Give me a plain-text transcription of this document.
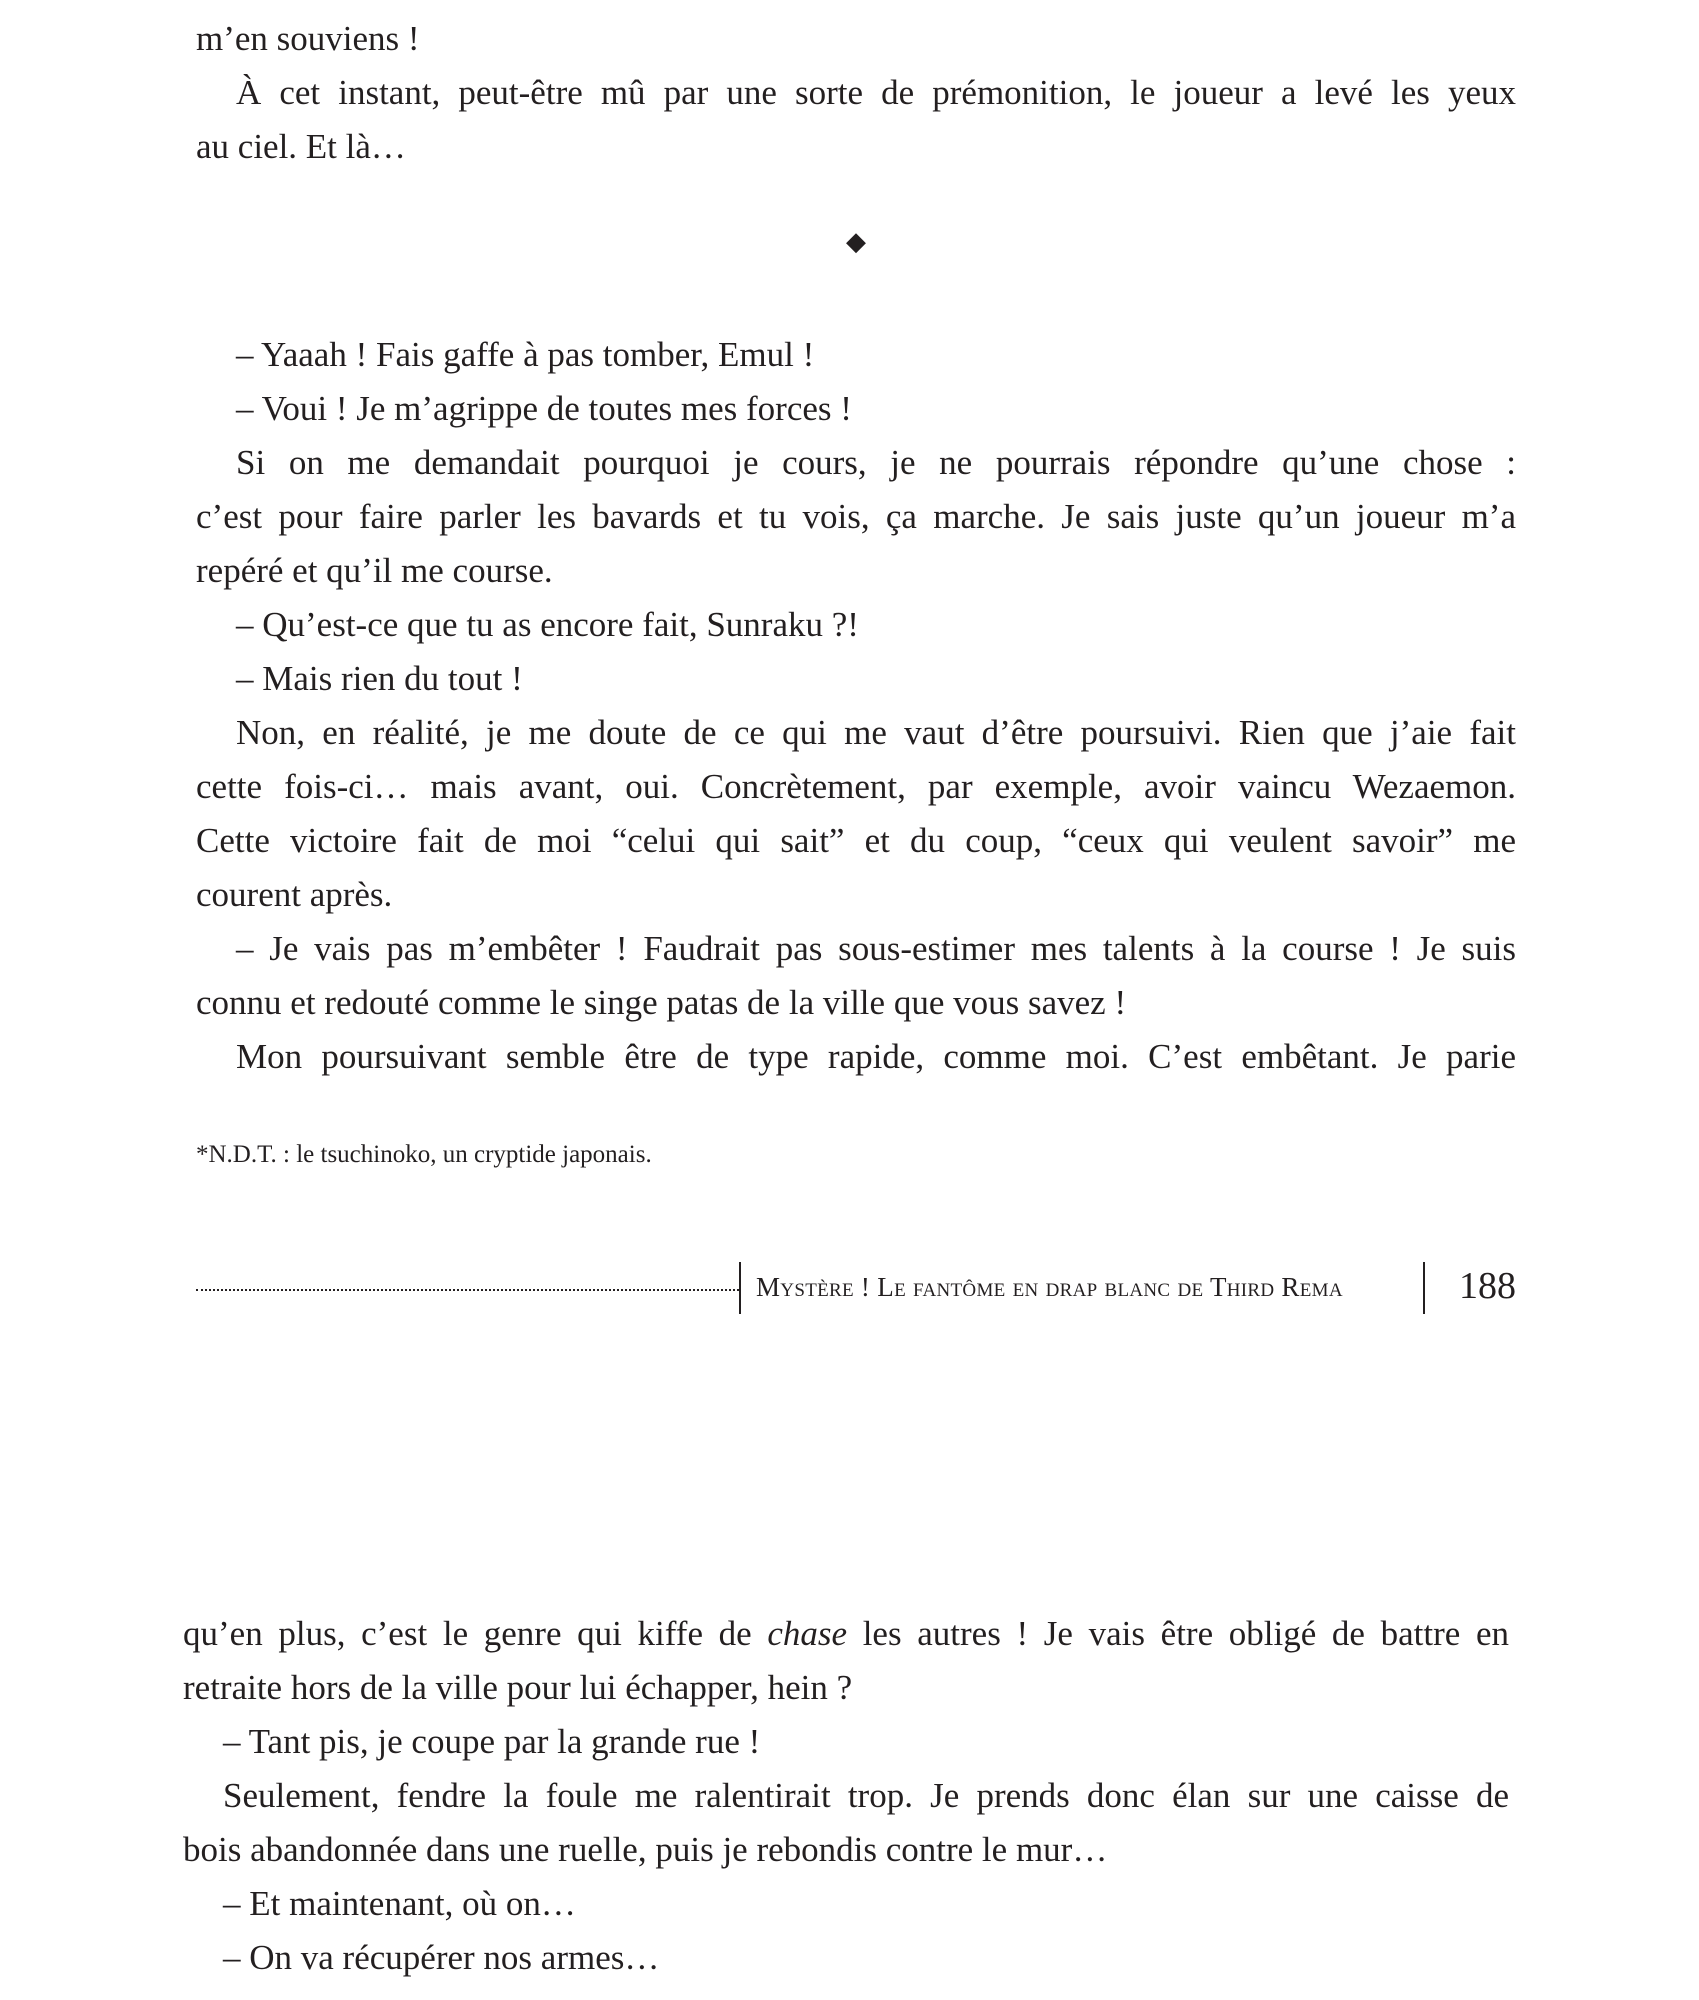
m’en souviens !
À cet instant, peut-être mû par une sorte de prémonition, le joueur a levé les yeux
au ciel. Et là…
◆
– Yaaah ! Fais gaffe à pas tomber, Emul !
– Voui ! Je m’agrippe de toutes mes forces !
Si on me demandait pourquoi je cours, je ne pourrais répondre qu’une chose :
c’est pour faire parler les bavards et tu vois, ça marche. Je sais juste qu’un joueur m’a
repéré et qu’il me course.
– Qu’est-ce que tu as encore fait, Sunraku ?!
– Mais rien du tout !
Non, en réalité, je me doute de ce qui me vaut d’être poursuivi. Rien que j’aie fait
cette fois-ci… mais avant, oui. Concrètement, par exemple, avoir vaincu Wezaemon.
Cette victoire fait de moi “celui qui sait” et du coup, “ceux qui veulent savoir” me
courent après.
– Je vais pas m’embêter ! Faudrait pas sous-estimer mes talents à la course ! Je suis
connu et redouté comme le singe patas de la ville que vous savez !
Mon poursuivant semble être de type rapide, comme moi. C’est embêtant. Je parie
*N.D.T. : le tsuchinoko, un cryptide japonais.
Mystère ! Le fantôme en drap blanc de Third Rema	188
qu’en plus, c’est le genre qui kiffe de chase les autres ! Je vais être obligé de battre en
retraite hors de la ville pour lui échapper, hein ?
– Tant pis, je coupe par la grande rue !
Seulement, fendre la foule me ralentirait trop. Je prends donc élan sur une caisse de
bois abandonnée dans une ruelle, puis je rebondis contre le mur…
– Et maintenant, où on…
– On va récupérer nos armes…
